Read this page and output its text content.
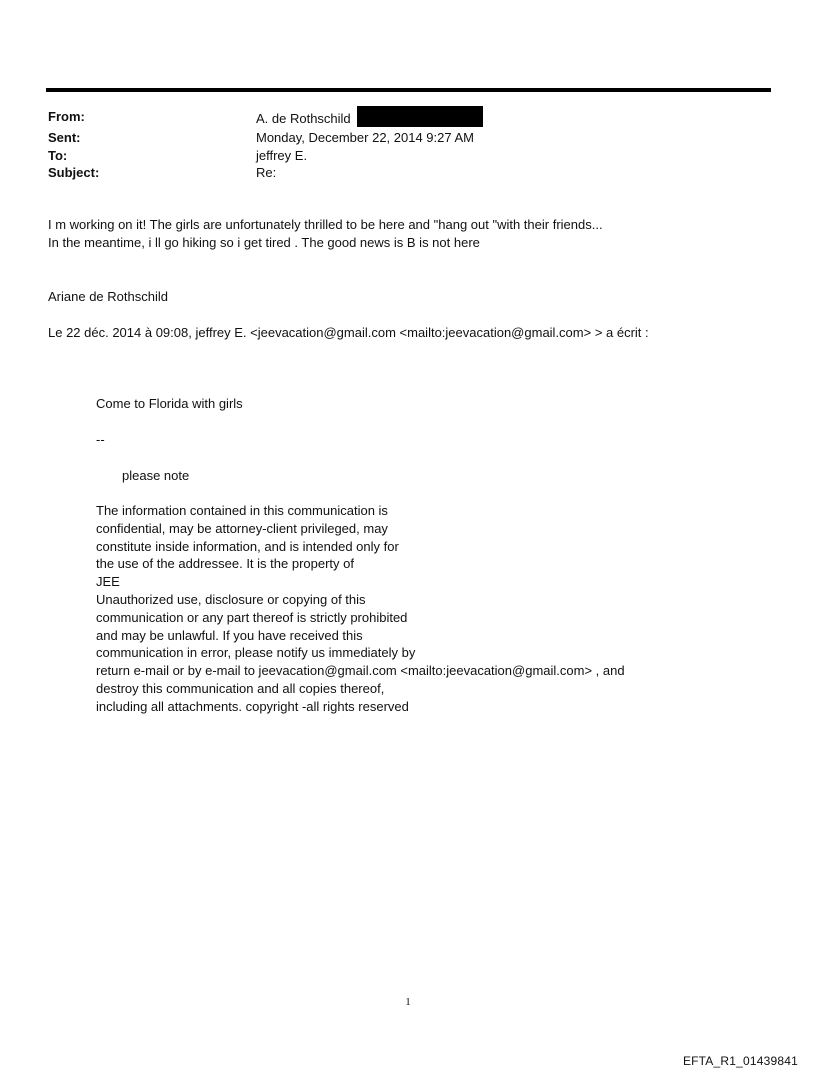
From:	A. de Rothschild
Sent:	Monday, December 22, 2014 9:27 AM
To:	jeffrey E.
Subject:	Re:
I m working on it! The girls are unfortunately thrilled to be here and "hang out "with their friends...
In the meantime, i ll go hiking so i get tired . The good news is B is not here
Ariane de Rothschild
Le 22 déc. 2014 à 09:08, jeffrey E. <jeevacation@gmail.com <mailto:jeevacation@gmail.com> > a écrit :
Come to Florida with girls
--
please note
The information contained in this communication is
confidential, may be attorney-client privileged, may
constitute inside information, and is intended only for
the use of the addressee. It is the property of
JEE
Unauthorized use, disclosure or copying of this
communication or any part thereof is strictly prohibited
and may be unlawful. If you have received this
communication in error, please notify us immediately by
return e-mail or by e-mail to jeevacation@gmail.com <mailto:jeevacation@gmail.com> , and
destroy this communication and all copies thereof,
including all attachments. copyright -all rights reserved
1
EFTA_R1_01439841
